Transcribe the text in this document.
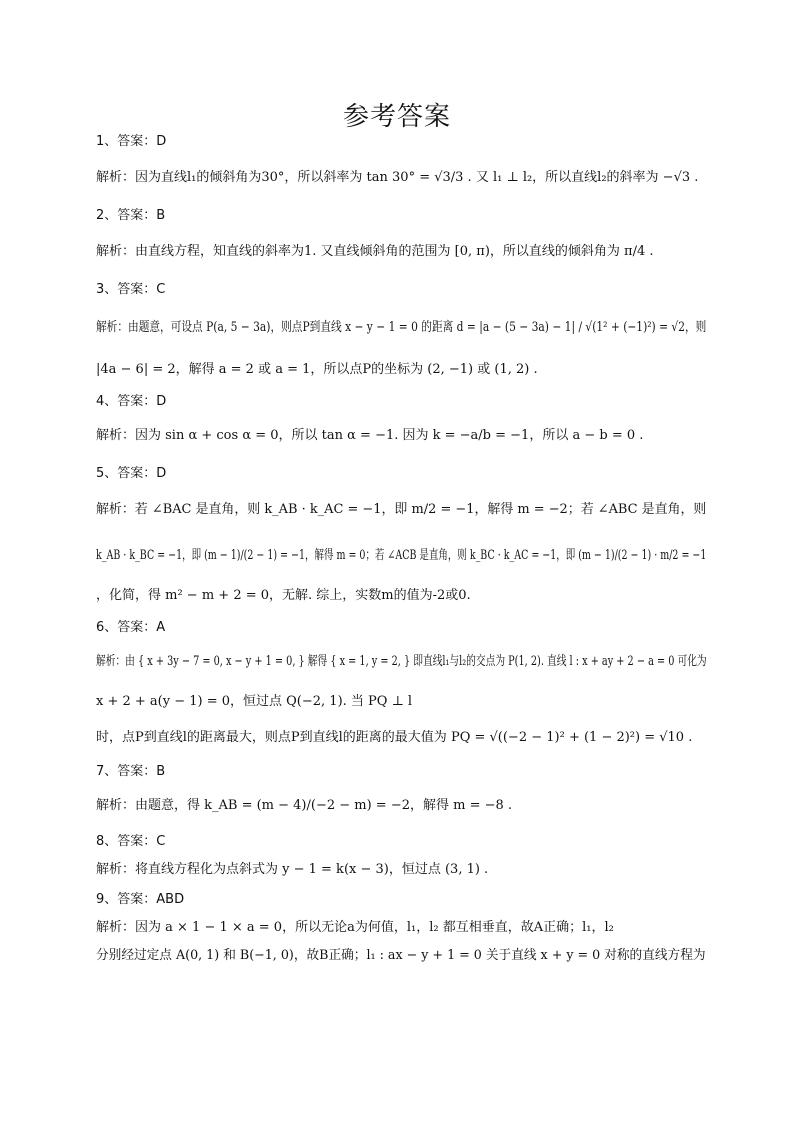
参考答案
1、答案：D
解析：因为直线l₁的倾斜角为30°，所以斜率为 tan 30° = √3/3 . 又 l₁ ⊥ l₂，所以直线l₂的斜率为 −√3 .
2、答案：B
解析：由直线方程，知直线的斜率为1. 又直线倾斜角的范围为 [0, π)，所以直线的倾斜角为 π/4 .
3、答案：C
解析：由题意，可设点 P(a, 5 − 3a)，则点P到直线 x − y − 1 = 0 的距离 d = |a − (5 − 3a) − 1| / √(1² + (−1)²) = √2，则
|4a − 6| = 2，解得 a = 2 或 a = 1，所以点P的坐标为 (2, −1) 或 (1, 2) .
4、答案：D
解析：因为 sin α + cos α = 0，所以 tan α = −1. 因为 k = −a/b = −1，所以 a − b = 0 .
5、答案：D
解析：若 ∠BAC 是直角，则 k_AB · k_AC = −1，即 m/2 = −1，解得 m = −2；若 ∠ABC 是直角，则
k_AB · k_BC = −1，即 (m − 1)/(2 − 1) = −1，解得 m = 0；若 ∠ACB 是直角，则 k_BC · k_AC = −1，即 (m − 1)/(2 − 1) · m/2 = −1
，化简，得 m² − m + 2 = 0，无解. 综上，实数m的值为-2或0.
6、答案：A
解析：由 { x + 3y − 7 = 0, x − y + 1 = 0, } 解得 { x = 1, y = 2, } 即直线l₁与l₂的交点为 P(1, 2). 直线 l : x + ay + 2 − a = 0 可化为
x + 2 + a(y − 1) = 0，恒过点 Q(−2, 1). 当 PQ ⊥ l
时，点P到直线l的距离最大，则点P到直线l的距离的最大值为 PQ = √((−2 − 1)² + (1 − 2)²) = √10 .
7、答案：B
解析：由题意，得 k_AB = (m − 4)/(−2 − m) = −2，解得 m = −8 .
8、答案：C
解析：将直线方程化为点斜式为 y − 1 = k(x − 3)，恒过点 (3, 1) .
9、答案：ABD
解析：因为 a × 1 − 1 × a = 0，所以无论a为何值，l₁，l₂ 都互相垂直，故A正确；l₁，l₂
分别经过定点 A(0, 1) 和 B(−1, 0)，故B正确；l₁ : ax − y + 1 = 0 关于直线 x + y = 0 对称的直线方程为
